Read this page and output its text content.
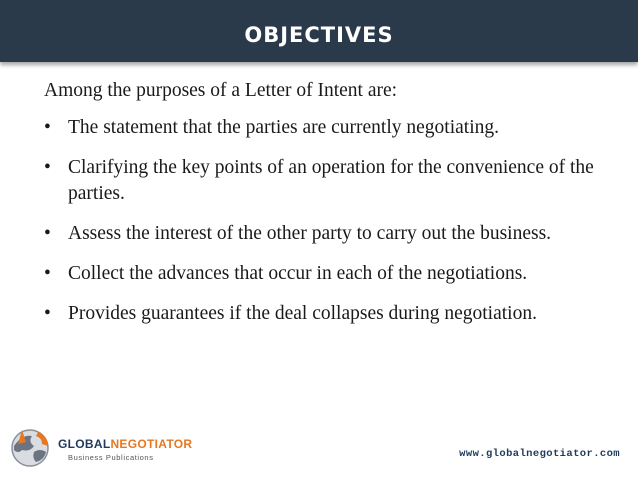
OBJECTIVES

Among the purposes of a Letter of Intent are:

• The statement that the parties are currently negotiating.
• Clarifying the key points of an operation for the convenience of the parties.
• Assess the interest of the other party to carry out the business.
• Collect the advances that occur in each of the negotiations.
• Provides guarantees if the deal collapses during negotiation.
GLOBALNEGOTIATOR
Business Publications	www.globalnegotiator.com
